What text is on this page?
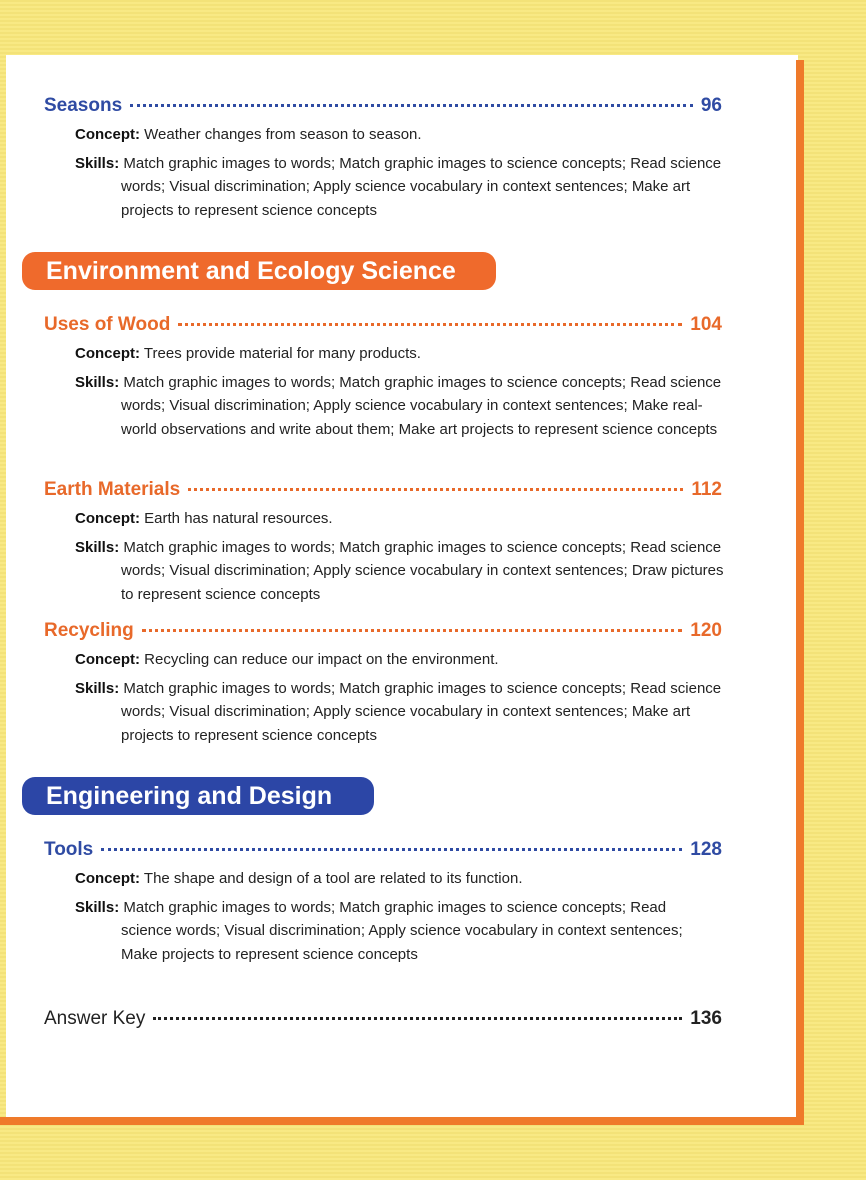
Seasons	96
Concept: Weather changes from season to season.
Skills: Match graphic images to words; Match graphic images to science concepts; Read science words; Visual discrimination; Apply science vocabulary in context sentences; Make art projects to represent science concepts
Environment and Ecology Science
Uses of Wood	104
Concept: Trees provide material for many products.
Skills: Match graphic images to words; Match graphic images to science concepts; Read science words; Visual discrimination; Apply science vocabulary in context sentences; Make real-world observations and write about them; Make art projects to represent science concepts
Earth Materials	112
Concept: Earth has natural resources.
Skills: Match graphic images to words; Match graphic images to science concepts; Read science words; Visual discrimination; Apply science vocabulary in context sentences; Draw pictures to represent science concepts
Recycling	120
Concept: Recycling can reduce our impact on the environment.
Skills: Match graphic images to words; Match graphic images to science concepts; Read science words; Visual discrimination; Apply science vocabulary in context sentences; Make art projects to represent science concepts
Engineering and Design
Tools	128
Concept: The shape and design of a tool are related to its function.
Skills: Match graphic images to words; Match graphic images to science concepts; Read science words; Visual discrimination; Apply science vocabulary in context sentences; Make projects to represent science concepts
Answer Key	136
